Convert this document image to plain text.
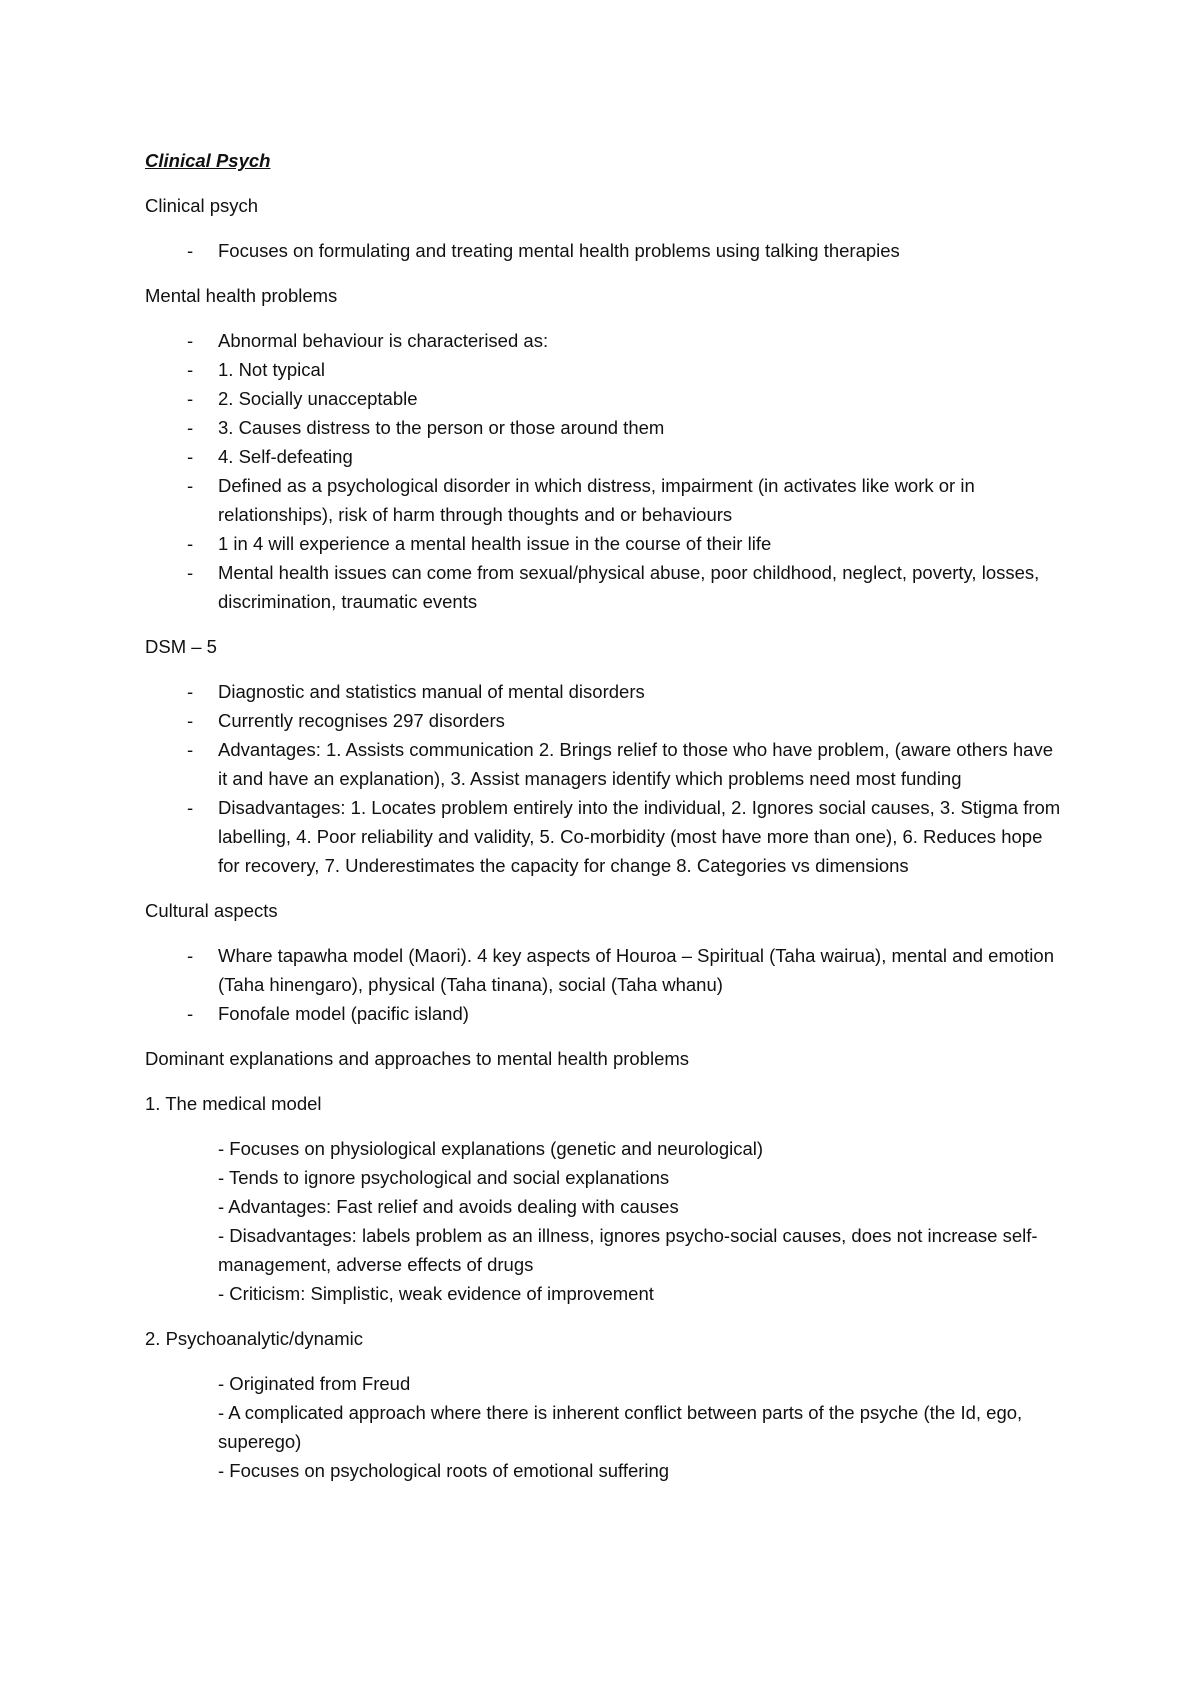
Clinical Psych

Clinical psych

- Focuses on formulating and treating mental health problems using talking therapies

Mental health problems

- Abnormal behaviour is characterised as:
- 1. Not typical
- 2. Socially unacceptable
- 3. Causes distress to the person or those around them
- 4. Self-defeating
- Defined as a psychological disorder in which distress, impairment (in activates like work or in relationships), risk of harm through thoughts and or behaviours
- 1 in 4 will experience a mental health issue in the course of their life
- Mental health issues can come from sexual/physical abuse, poor childhood, neglect, poverty, losses, discrimination, traumatic events

DSM – 5

- Diagnostic and statistics manual of mental disorders
- Currently recognises 297 disorders
- Advantages: 1. Assists communication 2. Brings relief to those who have problem, (aware others have it and have an explanation), 3. Assist managers identify which problems need most funding
- Disadvantages: 1. Locates problem entirely into the individual, 2. Ignores social causes, 3. Stigma from labelling, 4. Poor reliability and validity, 5. Co-morbidity (most have more than one), 6. Reduces hope for recovery, 7. Underestimates the capacity for change 8. Categories vs dimensions

Cultural aspects

- Whare tapawha model (Maori). 4 key aspects of Houroa – Spiritual (Taha wairua), mental and emotion (Taha hinengaro), physical (Taha tinana), social (Taha whanu)
- Fonofale model (pacific island)

Dominant explanations and approaches to mental health problems

1. The medical model

- Focuses on physiological explanations (genetic and neurological)
- Tends to ignore psychological and social explanations
- Advantages: Fast relief and avoids dealing with causes
- Disadvantages: labels problem as an illness, ignores psycho-social causes, does not increase self-management, adverse effects of drugs
- Criticism: Simplistic, weak evidence of improvement

2. Psychoanalytic/dynamic

- Originated from Freud
- A complicated approach where there is inherent conflict between parts of the psyche (the Id, ego, superego)
- Focuses on psychological roots of emotional suffering
